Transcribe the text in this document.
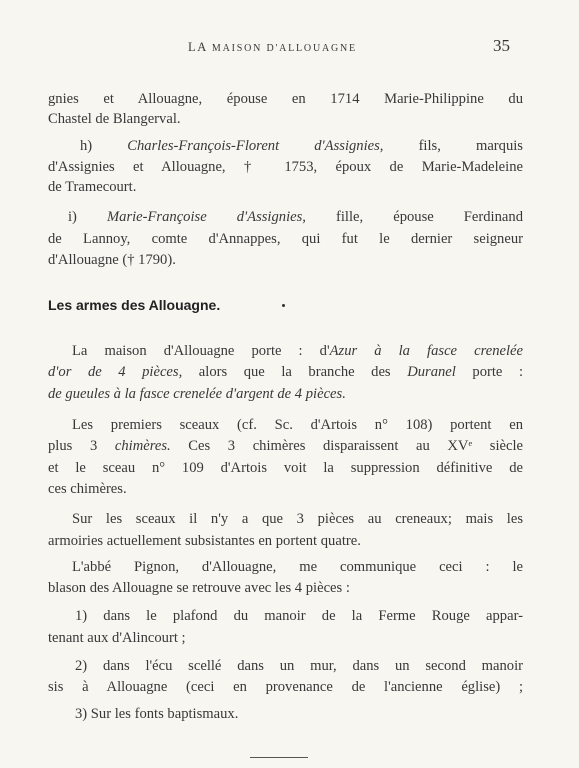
LA MAISON D'ALLOUAGNE	35
gnies et Allouagne, épouse en 1714 Marie-Philippine du
Chastel de Blangerval.
h) Charles-François-Florent d'Assignies, fils, marquis
d'Assignies et Allouagne, † 1753, époux de Marie-Madeleine
de Tramecourt.
i) Marie-Françoise d'Assignies, fille, épouse Ferdinand
de Lannoy, comte d'Annappes, qui fut le dernier seigneur
d'Allouagne († 1790).
Les armes des Allouagne.
La maison d'Allouagne porte : d'Azur à la fasce crenelée
d'or de 4 pièces, alors que la branche des Duranel porte :
de gueules à la fasce crenelée d'argent de 4 pièces.
Les premiers sceaux (cf. Sc. d'Artois n° 108) portent en
plus 3 chimères. Ces 3 chimères disparaissent au XVᵉ siècle
et le sceau n° 109 d'Artois voit la suppression définitive de
ces chimères.
Sur les sceaux il n'y a que 3 pièces au creneaux; mais les
armoiries actuellement subsistantes en portent quatre.
L'abbé Pignon, d'Allouagne, me communique ceci : le
blason des Allouagne se retrouve avec les 4 pièces :
1) dans le plafond du manoir de la Ferme Rouge appar-
tenant aux d'Alincourt ;
2) dans l'écu scellé dans un mur, dans un second manoir
sis à Allouagne (ceci en provenance de l'ancienne église) ;
3) Sur les fonts baptismaux.
